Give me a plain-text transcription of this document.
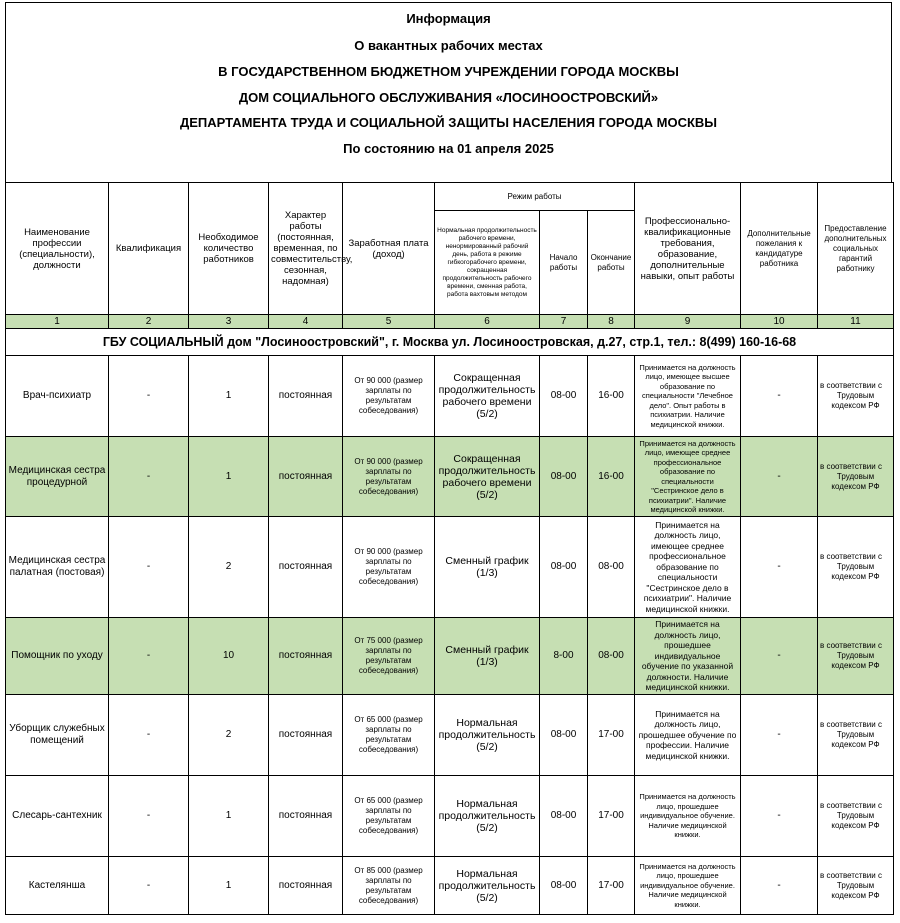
Информация
О вакантных рабочих местах
В ГОСУДАРСТВЕННОМ БЮДЖЕТНОМ УЧРЕЖДЕНИИ ГОРОДА МОСКВЫ
ДОМ СОЦИАЛЬНОГО ОБСЛУЖИВАНИЯ «ЛОСИНООСТРОВСКИЙ»
ДЕПАРТАМЕНТА ТРУДА И СОЦИАЛЬНОЙ ЗАЩИТЫ НАСЕЛЕНИЯ ГОРОДА МОСКВЫ
По состоянию на 01 апреля 2025
Наименование профессии (специальности), должности	Квалификация	Необходимое количество работников	Характер работы (постоянная, временная, по совместительству, сезонная, надомная)	Заработная плата (доход)	Режим работы			Профессионально-квалификационные требования, образование, дополнительные навыки, опыт работы	Дополнительные пожелания к кандидатуре работника	Предоставление дополнительных социальных гарантий работнику
					Нормальная продолжительность рабочего времени, ненормированный рабочий день, работа в режиме гибкогорабочего времени, сокращенная продолжительность рабочего времени, сменная работа, работа вахтовым методом	Начало работы	Окончание работы			
1	2	3	4	5	6	7	8	9	10	11
ГБУ СОЦИАЛЬНЫЙ дом "Лосиноостровский", г. Москва ул. Лосиноостровская, д.27, стр.1, тел.: 8(499) 160-16-68										
Врач-психиатр	-	1	постоянная	От 90 000 (размер зарплаты по результатам собеседования)	Сокращенная продолжительность рабочего времени (5/2)	08-00	16-00	Принимается на должность лицо, имеющее высшее образование по специальности "Лечебное дело". Опыт работы в психиатрии. Наличие медицинской книжки.	-	в соответствии с
Трудовым кодексом РФ

Медицинская сестра процедурной	-	1	постоянная	От 90 000 (размер зарплаты по результатам собеседования)	Сокращенная продолжительность рабочего времени (5/2)	08-00	16-00	Принимается на должность лицо, имеющее среднее профессиональное образование по специальности "Сестринское дело в психиатрии". Наличие медицинской книжки.	-	в соответствии с
Трудовым кодексом РФ

Медицинская сестра палатная (постовая)	-	2	постоянная	От 90 000 (размер зарплаты по результатам собеседования)	Сменный график (1/3)	08-00	08-00	Принимается на должность лицо, имеющее среднее профессиональное образование по специальности "Сестринское дело в психиатрии". Наличие медицинской книжки.	-	в соответствии с
Трудовым кодексом РФ

Помощник по уходу	-	10	постоянная	От 75 000 (размер зарплаты по результатам собеседования)	Сменный график (1/3)	8-00	08-00	Принимается на должность лицо, прошедшее индивидуальное обучение по указанной должности. Наличие медицинской книжки.	-	в соответствии с
Трудовым кодексом РФ

Уборщик служебных помещений	-	2	постоянная	От 65 000 (размер зарплаты по результатам собеседования)	Нормальная продолжительность (5/2)	08-00	17-00	Принимается на должность лицо, прошедшее обучение по профессии. Наличие медицинской книжки.	-	в соответствии с
Трудовым кодексом РФ

Слесарь-сантехник	-	1	постоянная	От 65 000 (размер зарплаты по результатам собеседования)	Нормальная продолжительность (5/2)	08-00	17-00	Принимается на должность лицо, прошедшее индивидуальное обучение. Наличие медицинской книжки.	-	в соответствии с
Трудовым кодексом РФ

Кастелянша	-	1	постоянная	От 85 000 (размер зарплаты по результатам собеседования)	Нормальная продолжительность (5/2)	08-00	17-00	Принимается на должность лицо, прошедшее индивидуальное обучение. Наличие медицинской книжки.	-	в соответствии с
Трудовым кодексом РФ
